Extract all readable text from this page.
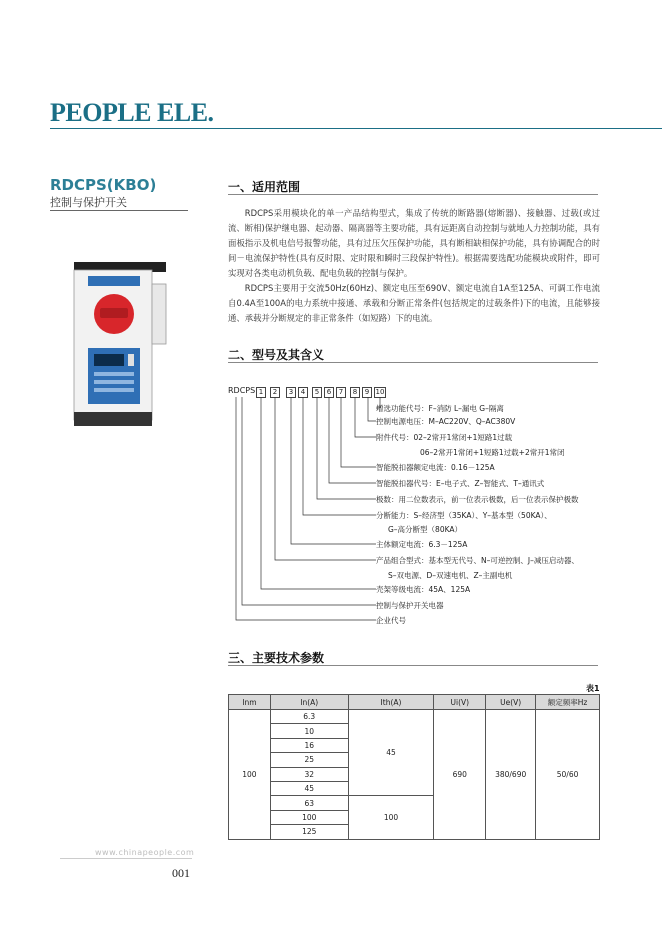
PEOPLE ELE.
RDCPS(KBO)
控制与保护开关
一、适用范围

RDCPS采用模块化的单一产品结构型式，集成了传统的断路器(熔断器)、接触器、过载(或过流、断相)保护继电器、起动器、隔离器等主要功能，具有远距离自动控制与就地人力控制功能，具有面板指示及机电信号报警功能，具有过压欠压保护功能，具有断相缺相保护功能，具有协调配合的时间－电流保护特性(具有反时限、定时限和瞬时三段保护特性)。根据需要选配功能模块或附件，即可实现对各类电动机负载、配电负载的控制与保护。

RDCPS主要用于交流50Hz(60Hz)、额定电压至690V、额定电流自1A至125A、可调工作电流自0.4A至100A的电力系统中接通、承载和分断正常条件(包括规定的过载条件)下的电流，且能够接通、承载并分断规定的非正常条件（如短路）下的电流。

二、型号及其含义
RDCPS 1	2	3	4	5	6	7	8	9 10
增选功能代号：F–消防 L–漏电 G–隔离
控制电源电压：M–AC220V、Q–AC380V
附件代号：02–2常开1常闭+1短路1过载
06–2常开1常闭+1短路1过载+2常开1常闭
智能脱扣器额定电流：0.16－125A
智能脱扣器代号：E–电子式、Z–智能式、T–通讯式
极数：用二位数表示，前一位表示极数，后一位表示保护极数
分断能力：S–经济型（35KA）、Y–基本型（50KA）、
G–高分断型（80KA）
主体额定电流：6.3－125A
产品组合型式：基本型无代号、N–可逆控制、J–减压启动器、
S–双电源、D–双速电机、Z–主副电机
壳架等级电流：45A、125A
控制与保护开关电器
企业代号
三、主要技术参数
表1
Inm	In(A)	Ith(A)	Ui(V)	Ue(V)	额定频率Hz
100	6.3	45	690	380/690	50/60
	10				
	16				
	25				
	32				
	45				
	63	100			
	100				
	125				
www.chinapeople.com
001
